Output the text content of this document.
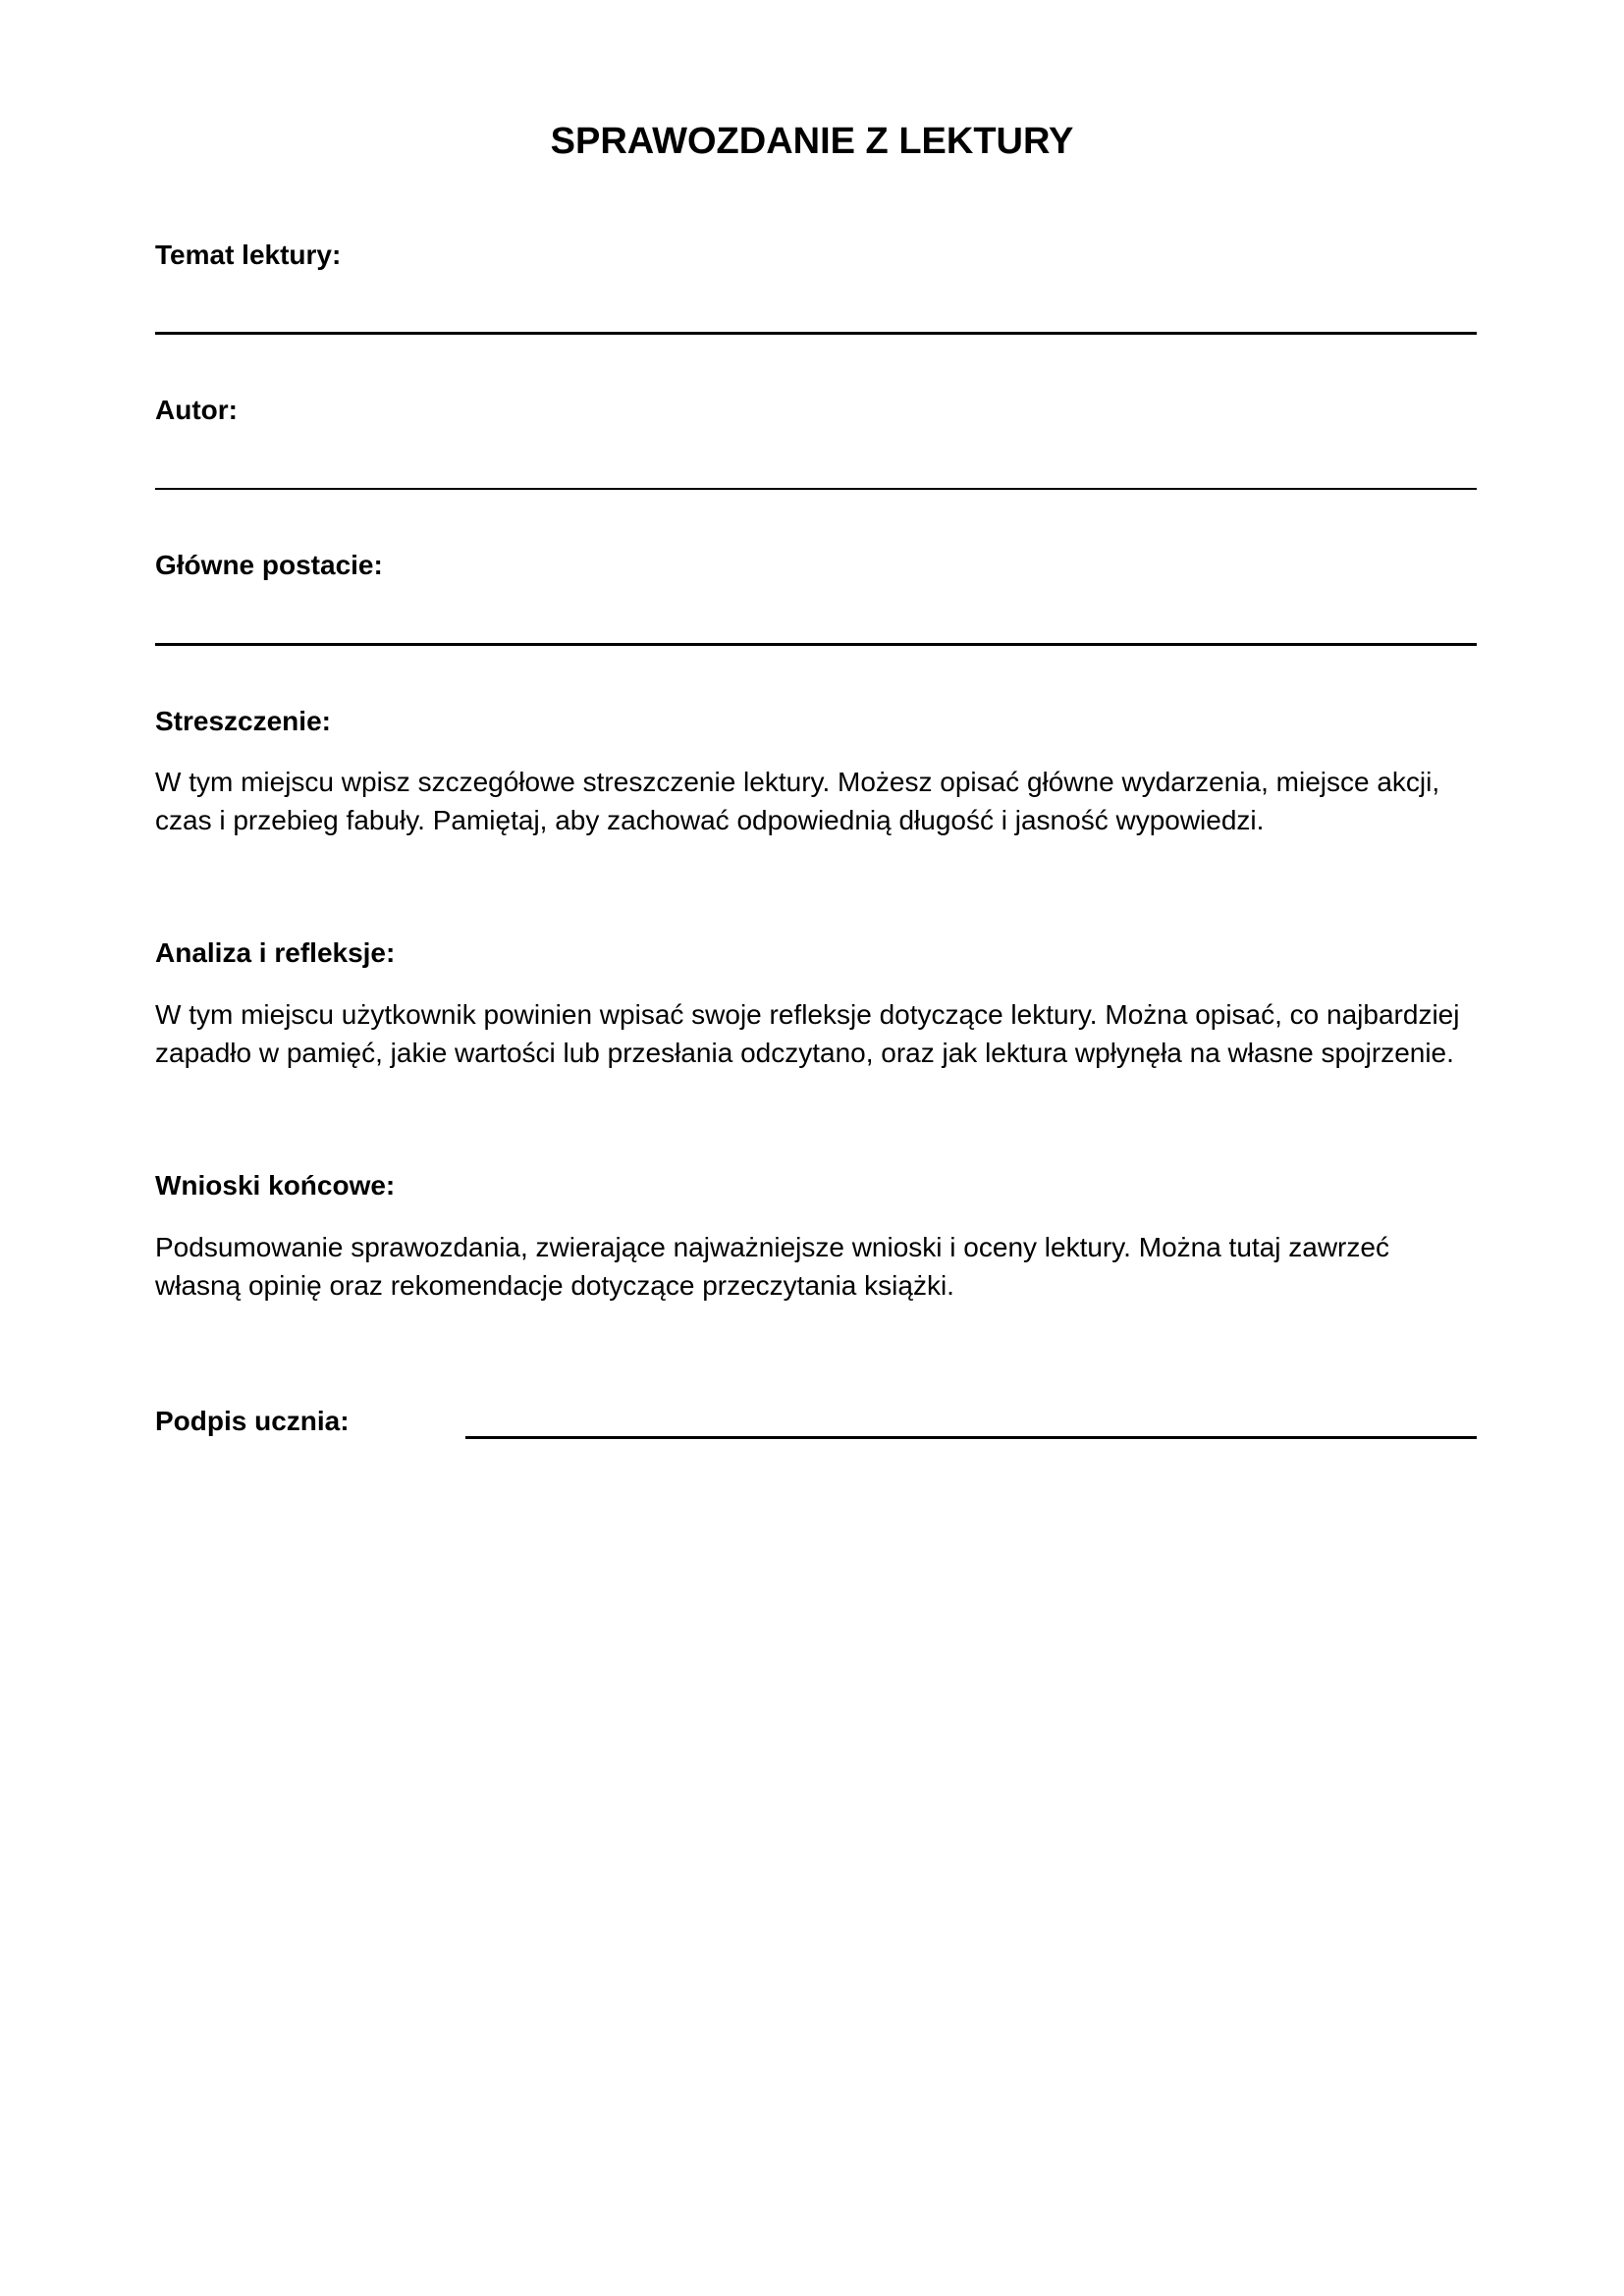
SPRAWOZDANIE Z LEKTURY
Temat lektury:
Autor:
Główne postacie:
Streszczenie:
W tym miejscu wpisz szczegółowe streszczenie lektury. Możesz opisać główne wydarzenia, miejsce akcji,
czas i przebieg fabuły. Pamiętaj, aby zachować odpowiednią długość i jasność wypowiedzi.
Analiza i refleksje:
W tym miejscu użytkownik powinien wpisać swoje refleksje dotyczące lektury. Można opisać, co najbardziej
zapadło w pamięć, jakie wartości lub przesłania odczytano, oraz jak lektura wpłynęła na własne spojrzenie.
Wnioski końcowe:
Podsumowanie sprawozdania, zwierające najważniejsze wnioski i oceny lektury. Można tutaj zawrzeć
własną opinię oraz rekomendacje dotyczące przeczytania książki.
Podpis ucznia:
